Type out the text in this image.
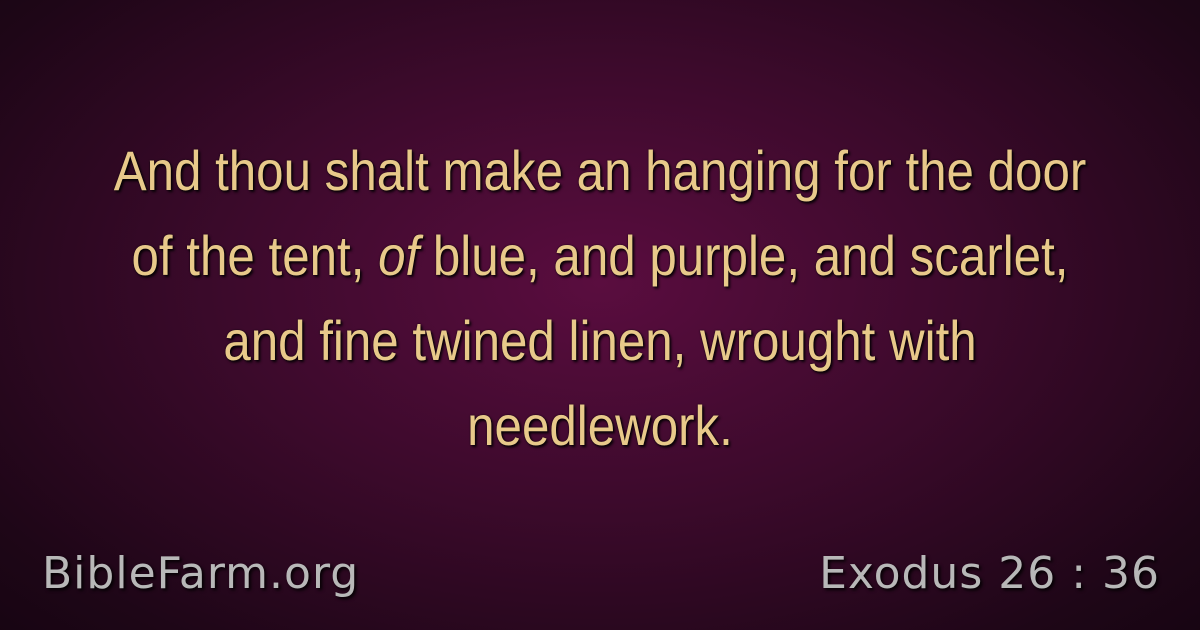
And thou shalt make an hanging for the door of the tent, of blue, and purple, and scarlet, and fine twined linen, wrought with needlework.
BibleFarm.org	Exodus 26 : 36
